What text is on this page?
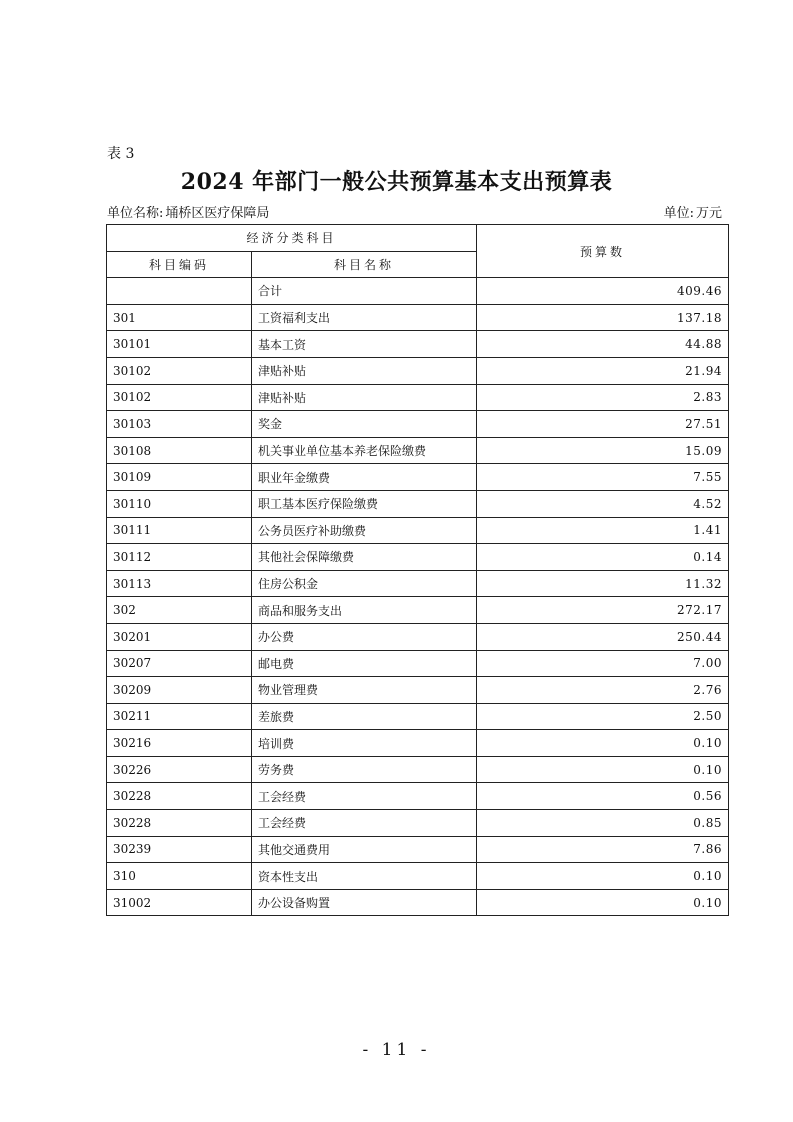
表 3
2024 年部门一般公共预算基本支出预算表
单位名称: 埇桥区医疗保障局	单位: 万元
经济分类科目		预算数
科目编码	科目名称	
	合计	409.46
301	工资福利支出	137.18
30101	基本工资	44.88
30102	津贴补贴	21.94
30102	津贴补贴	2.83
30103	奖金	27.51
30108	机关事业单位基本养老保险缴费	15.09
30109	职业年金缴费	7.55
30110	职工基本医疗保险缴费	4.52
30111	公务员医疗补助缴费	1.41
30112	其他社会保障缴费	0.14
30113	住房公积金	11.32
302	商品和服务支出	272.17
30201	办公费	250.44
30207	邮电费	7.00
30209	物业管理费	2.76
30211	差旅费	2.50
30216	培训费	0.10
30226	劳务费	0.10
30228	工会经费	0.56
30228	工会经费	0.85
30239	其他交通费用	7.86
310	资本性支出	0.10
31002	办公设备购置	0.10
- 11 -
